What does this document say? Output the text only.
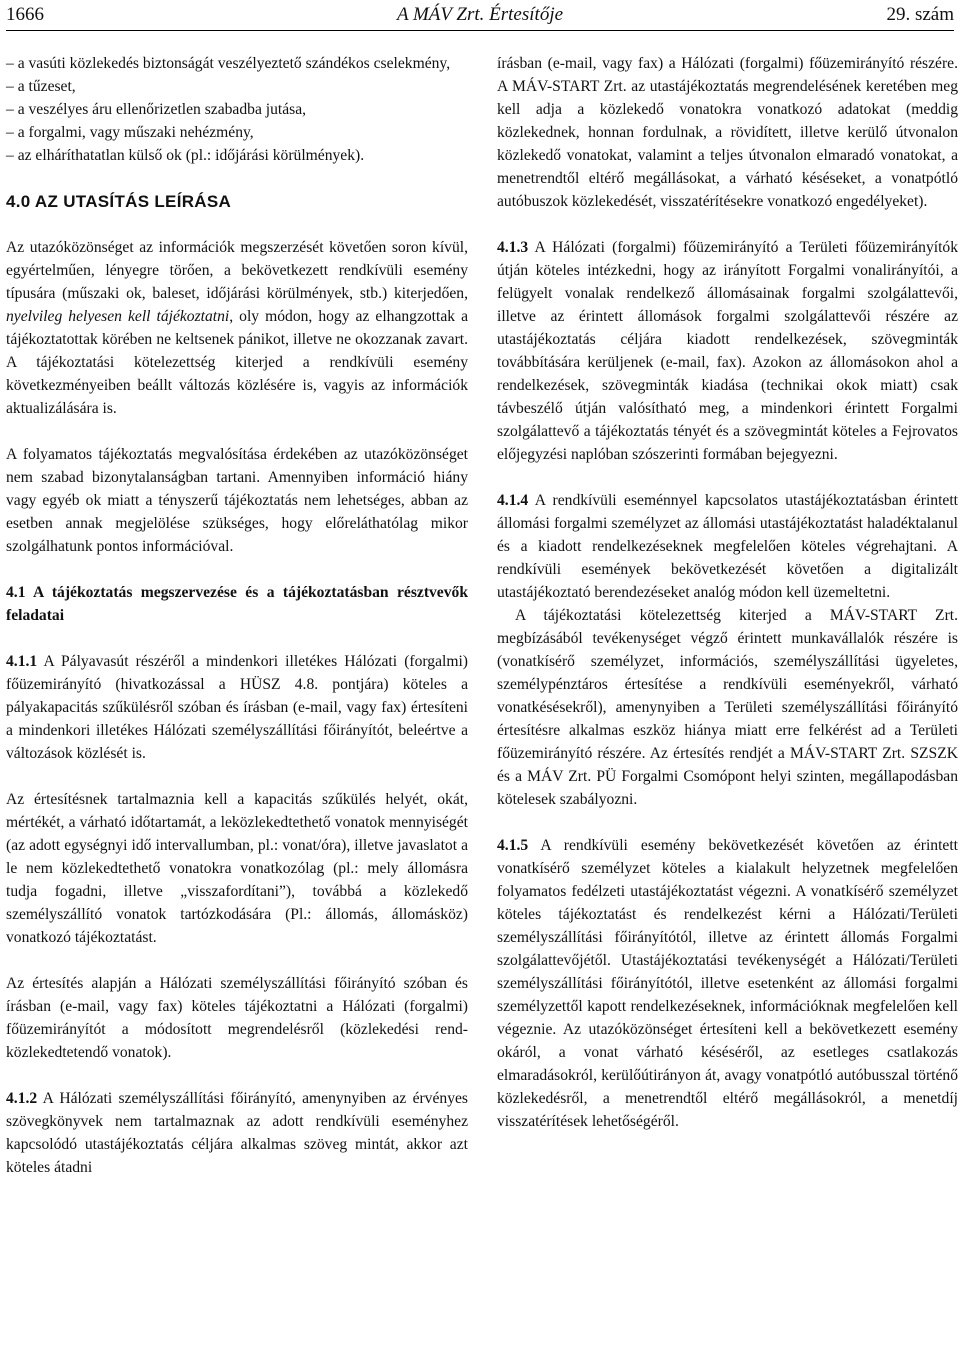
1666	A MÁV Zrt. Értesítője	29. szám

– a vasúti közlekedés biztonságát veszélyeztető szándékos cselekmény,

– a tűzeset,

– a veszélyes áru ellenőrizetlen szabadba jutása,

– a forgalmi, vagy műszaki nehézmény,

– az elháríthatatlan külső ok (pl.: időjárási körülmények).

4.0 AZ UTASÍTÁS LEÍRÁSA

Az utazóközönséget az információk megszerzését követően soron kívül, egyértelműen, lényegre törően, a bekövetkezett rendkívüli esemény típusára (műszaki ok, baleset, időjárási körülmények, stb.) kiterjedően, nyelvileg helyesen kell tájékoztatni, oly módon, hogy az elhangzottak a tájékoztatottak körében ne keltsenek pánikot, illetve ne okozzanak zavart. A tájékoztatási kötelezettség kiterjed a rendkívüli esemény következményeiben beállt változás közlésére is, vagyis az információk aktualizálására is.

A folyamatos tájékoztatás megvalósítása érdekében az utazóközönséget nem szabad bizonytalanságban tartani. Amennyiben információ hiány vagy egyéb ok miatt a tényszerű tájékoztatás nem lehetséges, abban az esetben annak megjelölése szükséges, hogy előreláthatólag mikor szolgálhatunk pontos információval.

4.1 A tájékoztatás megszervezése és a tájékoztatásban résztvevők feladatai

4.1.1 A Pályavasút részéről a mindenkori illetékes Hálózati (forgalmi) főüzemirányító (hivatkozással a HÜSZ 4.8. pontjára) köteles a pályakapacitás szűkülésről szóban és írásban (e-mail, vagy fax) értesíteni a mindenkori illetékes Hálózati személyszállítási főirányítót, beleértve a változások közlését is.

Az értesítésnek tartalmaznia kell a kapacitás szűkülés helyét, okát, mértékét, a várható időtartamát, a leközlekedtethető vonatok mennyiségét (az adott egységnyi idő intervallumban, pl.: vonat/óra), illetve javaslatot a le nem közlekedtethető vonatokra vonatkozólag (pl.: mely állomásra tudja fogadni, illetve „visszafordítani”), továbbá a közlekedő személyszállító vonatok tartózkodására (Pl.: állomás, állomásköz) vonatkozó tájékoztatást.

Az értesítés alapján a Hálózati személyszállítási főirányító szóban és írásban (e-mail, vagy fax) köteles tájékoztatni a Hálózati (forgalmi) főüzemirányítót a módosított megrendelésről (közlekedési rend- közlekedtetendő vonatok).

4.1.2 A Hálózati személyszállítási főirányító, amenynyiben az érvényes szövegkönyvek nem tartalmaznak az adott rendkívüli eseményhez kapcsolódó utastájékoztatás céljára alkalmas szöveg mintát, akkor azt köteles átadni

írásban (e-mail, vagy fax) a Hálózati (forgalmi) főüzemirányító részére. A MÁV-START Zrt. az utastájékoztatás megrendelésének keretében meg kell adja a közlekedő vonatokra vonatkozó adatokat (meddig közlekednek, honnan fordulnak, a rövidített, illetve kerülő útvonalon közlekedő vonatokat, valamint a teljes útvonalon elmaradó vonatokat, a menetrendtől eltérő megállásokat, a várható késéseket, a vonatpótló autóbuszok közlekedését, visszatérítésekre vonatkozó engedélyeket).

4.1.3 A Hálózati (forgalmi) főüzemirányító a Területi főüzemirányítók útján köteles intézkedni, hogy az irányított Forgalmi vonalirányítói, a felügyelt vonalak rendelkező állomásainak forgalmi szolgálattevői, illetve az érintett állomások forgalmi szolgálattevői részére az utastájékoztatás céljára kiadott rendelkezések, szövegminták továbbítására kerüljenek (e-mail, fax). Azokon az állomásokon ahol a rendelkezések, szövegminták kiadása (technikai okok miatt) csak távbeszélő útján valósítható meg, a mindenkori érintett Forgalmi szolgálattevő a tájékoztatás tényét és a szövegmintát köteles a Fejrovatos előjegyzési naplóban szószerinti formában bejegyezni.

4.1.4 A rendkívüli eseménnyel kapcsolatos utastájékoztatásban érintett állomási forgalmi személyzet az állomási utastájékoztatást haladéktalanul és a kiadott rendelkezéseknek megfelelően köteles végrehajtani. A rendkívüli események bekövetkezését követően a digitalizált utastájékoztató berendezéseket analóg módon kell üzemeltetni.

A tájékoztatási kötelezettség kiterjed a MÁV-START Zrt. megbízásából tevékenységet végző érintett munkavállalók részére is (vonatkísérő személyzet, információs, személyszállítási ügyeletes, személypénztáros értesítése a rendkívüli eseményekről, várható vonatkésésekről), amenynyiben a Területi személyszállítási főirányító értesítésre alkalmas eszköz hiánya miatt erre felkérést ad a Területi főüzemirányító részére. Az értesítés rendjét a MÁV-START Zrt. SZSZK és a MÁV Zrt. PÜ Forgalmi Csomópont helyi szinten, megállapodásban kötelesek szabályozni.

4.1.5 A rendkívüli esemény bekövetkezését követően az érintett vonatkísérő személyzet köteles a kialakult helyzetnek megfelelően folyamatos fedélzeti utastájékoztatást végezni. A vonatkísérő személyzet köteles tájékoztatást és rendelkezést kérni a Hálózati/Területi személyszállítási főirányítótól, illetve az érintett állomás Forgalmi szolgálattevőjétől. Utastájékoztatási tevékenységét a Hálózati/Területi személyszállítási főirányítótól, illetve esetenként az állomási forgalmi személyzettől kapott rendelkezéseknek, információknak megfelelően kell végeznie. Az utazóközönséget értesíteni kell a bekövetkezett esemény okáról, a vonat várható késéséről, az esetleges csatlakozás elmaradásokról, kerülőútirányon át, avagy vonatpótló autóbusszal történő közlekedésről, a menetrendtől eltérő megállásokról, a menetdíj visszatérítések lehetőségéről.
